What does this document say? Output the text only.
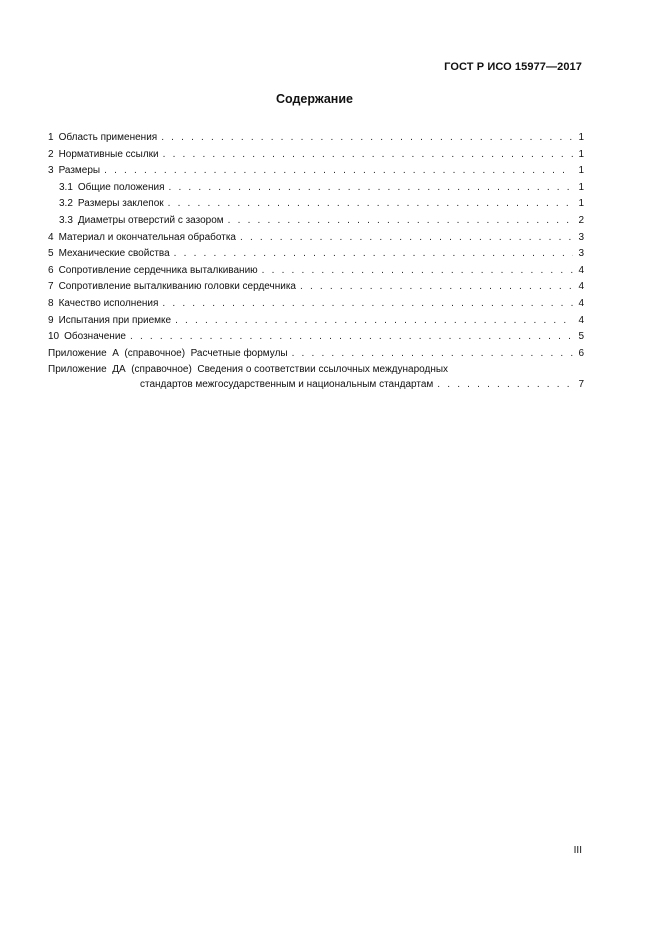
ГОСТ Р ИСО 15977—2017
Содержание
1 Область применения . . .	1
2 Нормативные ссылки . . .	1
3 Размеры . . .	1
3.1 Общие положения . . .	1
3.2 Размеры заклепок . . .	1
3.3 Диаметры отверстий с зазором . . .	2
4 Материал и окончательная обработка . . .	3
5 Механические свойства . . .	3
6 Сопротивление сердечника выталкиванию . . .	4
7 Сопротивление выталкиванию головки сердечника . . .	4
8 Качество исполнения . . .	4
9 Испытания при приемке . . .	4
10 Обозначение . . .	5
Приложение  А  (справочное)  Расчетные формулы . . .	6
Приложение  ДА  (справочное)  Сведения о соответствии ссылочных международных
стандартов межгосударственным и национальным стандартам . . .	7
III
